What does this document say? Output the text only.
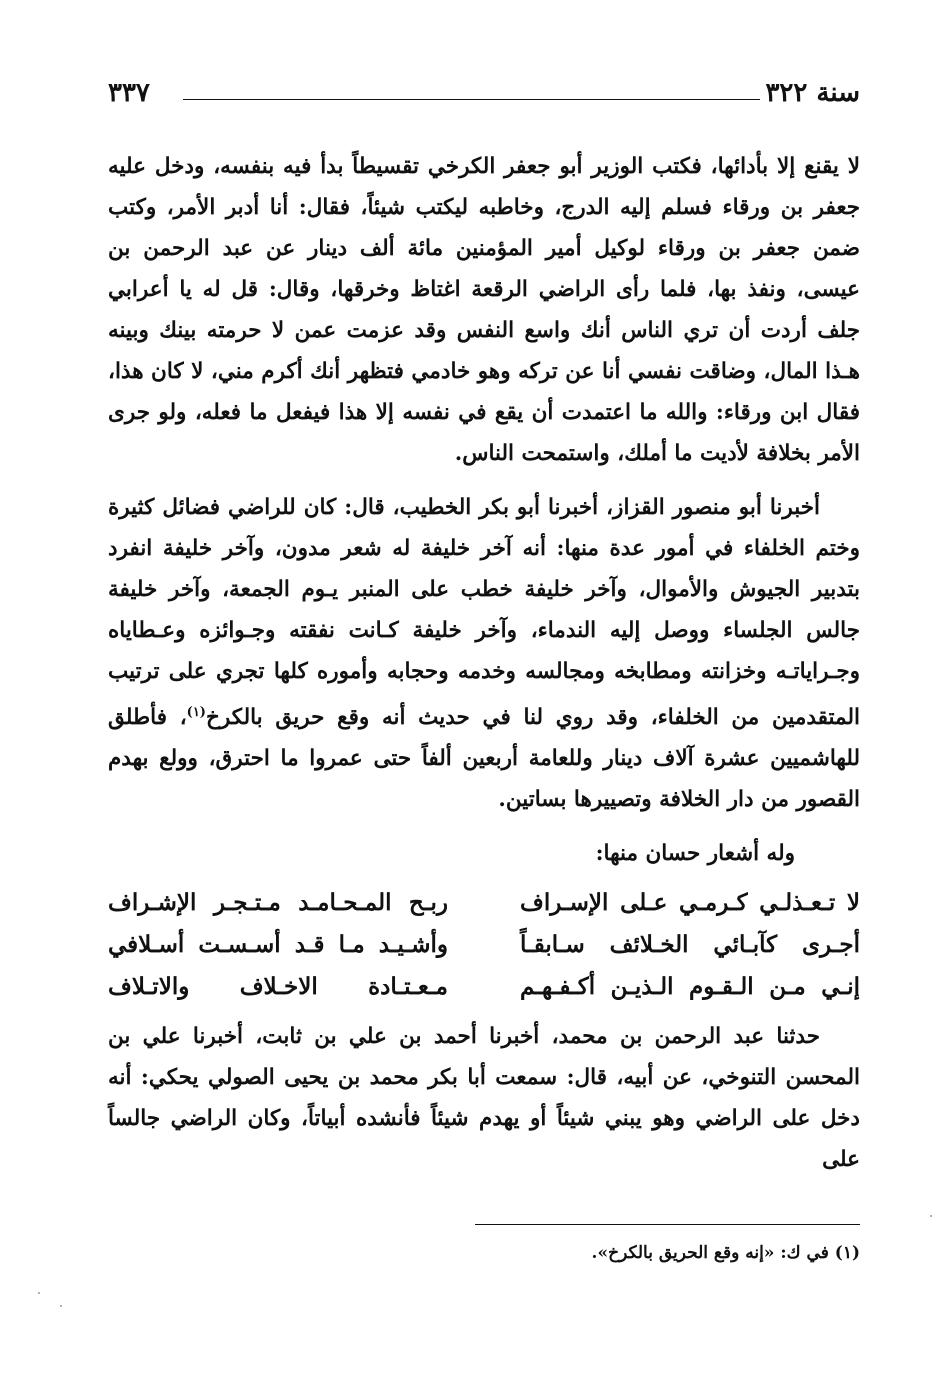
سنة ٣٢٢
٣٣٧

لا يقنع إلا بأدائها، فكتب الوزير أبو جعفر الكرخي تقسيطاً بدأ فيه بنفسه، ودخل عليه جعفر بن ورقاء فسلم إليه الدرج، وخاطبه ليكتب شيئاً، فقال: أنا أدبر الأمر، وكتب ضمن جعفر بن ورقاء لوكيل أمير المؤمنين مائة ألف دينار عن عبد الرحمن بن عيسى، ونفذ بها، فلما رأى الراضي الرقعة اغتاظ وخرقها، وقال: قل له يا أعرابي جلف أردت أن تري الناس أنك واسع النفس وقد عزمت عمن لا حرمته بينك وبينه هـذا المال، وضاقت نفسي أنا عن تركه وهو خادمي فتظهر أنك أكرم مني، لا كان هذا، فقال ابن ورقاء: والله ما اعتمدت أن يقع في نفسه إلا هذا فيفعل ما فعله، ولو جرى الأمر بخلافة لأديت ما أملك، واستمحت الناس.

أخبرنا أبو منصور القزاز، أخبرنا أبو بكر الخطيب، قال: كان للراضي فضائل كثيرة وختم الخلفاء في أمور عدة منها: أنه آخر خليفة له شعر مدون، وآخر خليفة انفرد بتدبير الجيوش والأموال، وآخر خليفة خطب على المنبر يـوم الجمعة، وآخر خليفة جالس الجلساء ووصل إليه الندماء، وآخر خليفة كـانت نفقته وجـوائزه وعـطاياه وجـراياتـه وخزانته ومطابخه ومجالسه وخدمه وحجابه وأموره كلها تجري على ترتيب المتقدمين من الخلفاء، وقد روي لنا في حديث أنه وقع حريق بالكرخ$^{(١)}$، فأطلق للهاشميين عشرة آلاف دينار وللعامة أربعين ألفاً حتى عمروا ما احترق، وولع بهدم القصور من دار الخلافة وتصييرها بساتين.

وله أشعار حسان منها:

لا تـعـذلـي كـرمـي عـلى الإسـراف
ربـح المـحـامـد مـتـجـر الإشـراف
أجـرى كآبـائي الخـلائف سـابقـاً
وأشـيـد مـا قـد أسـسـت أسـلافي
إنـي مـن الـقـوم الـذيـن أكـفـهـم
مـعـتـادة الاخـلاف والاتـلاف

حدثنا عبد الرحمن بن محمد، أخبرنا أحمد بن علي بن ثابت، أخبرنا علي بن المحسن التنوخي، عن أبيه، قال: سمعت أبا بكر محمد بن يحيى الصولي يحكي: أنه دخل على الراضي وهو يبني شيئاً أو يهدم شيئاً فأنشده أبياتاً، وكان الراضي جالساً على

(١) في ك: «إنه وقع الحريق بالكرخ».
